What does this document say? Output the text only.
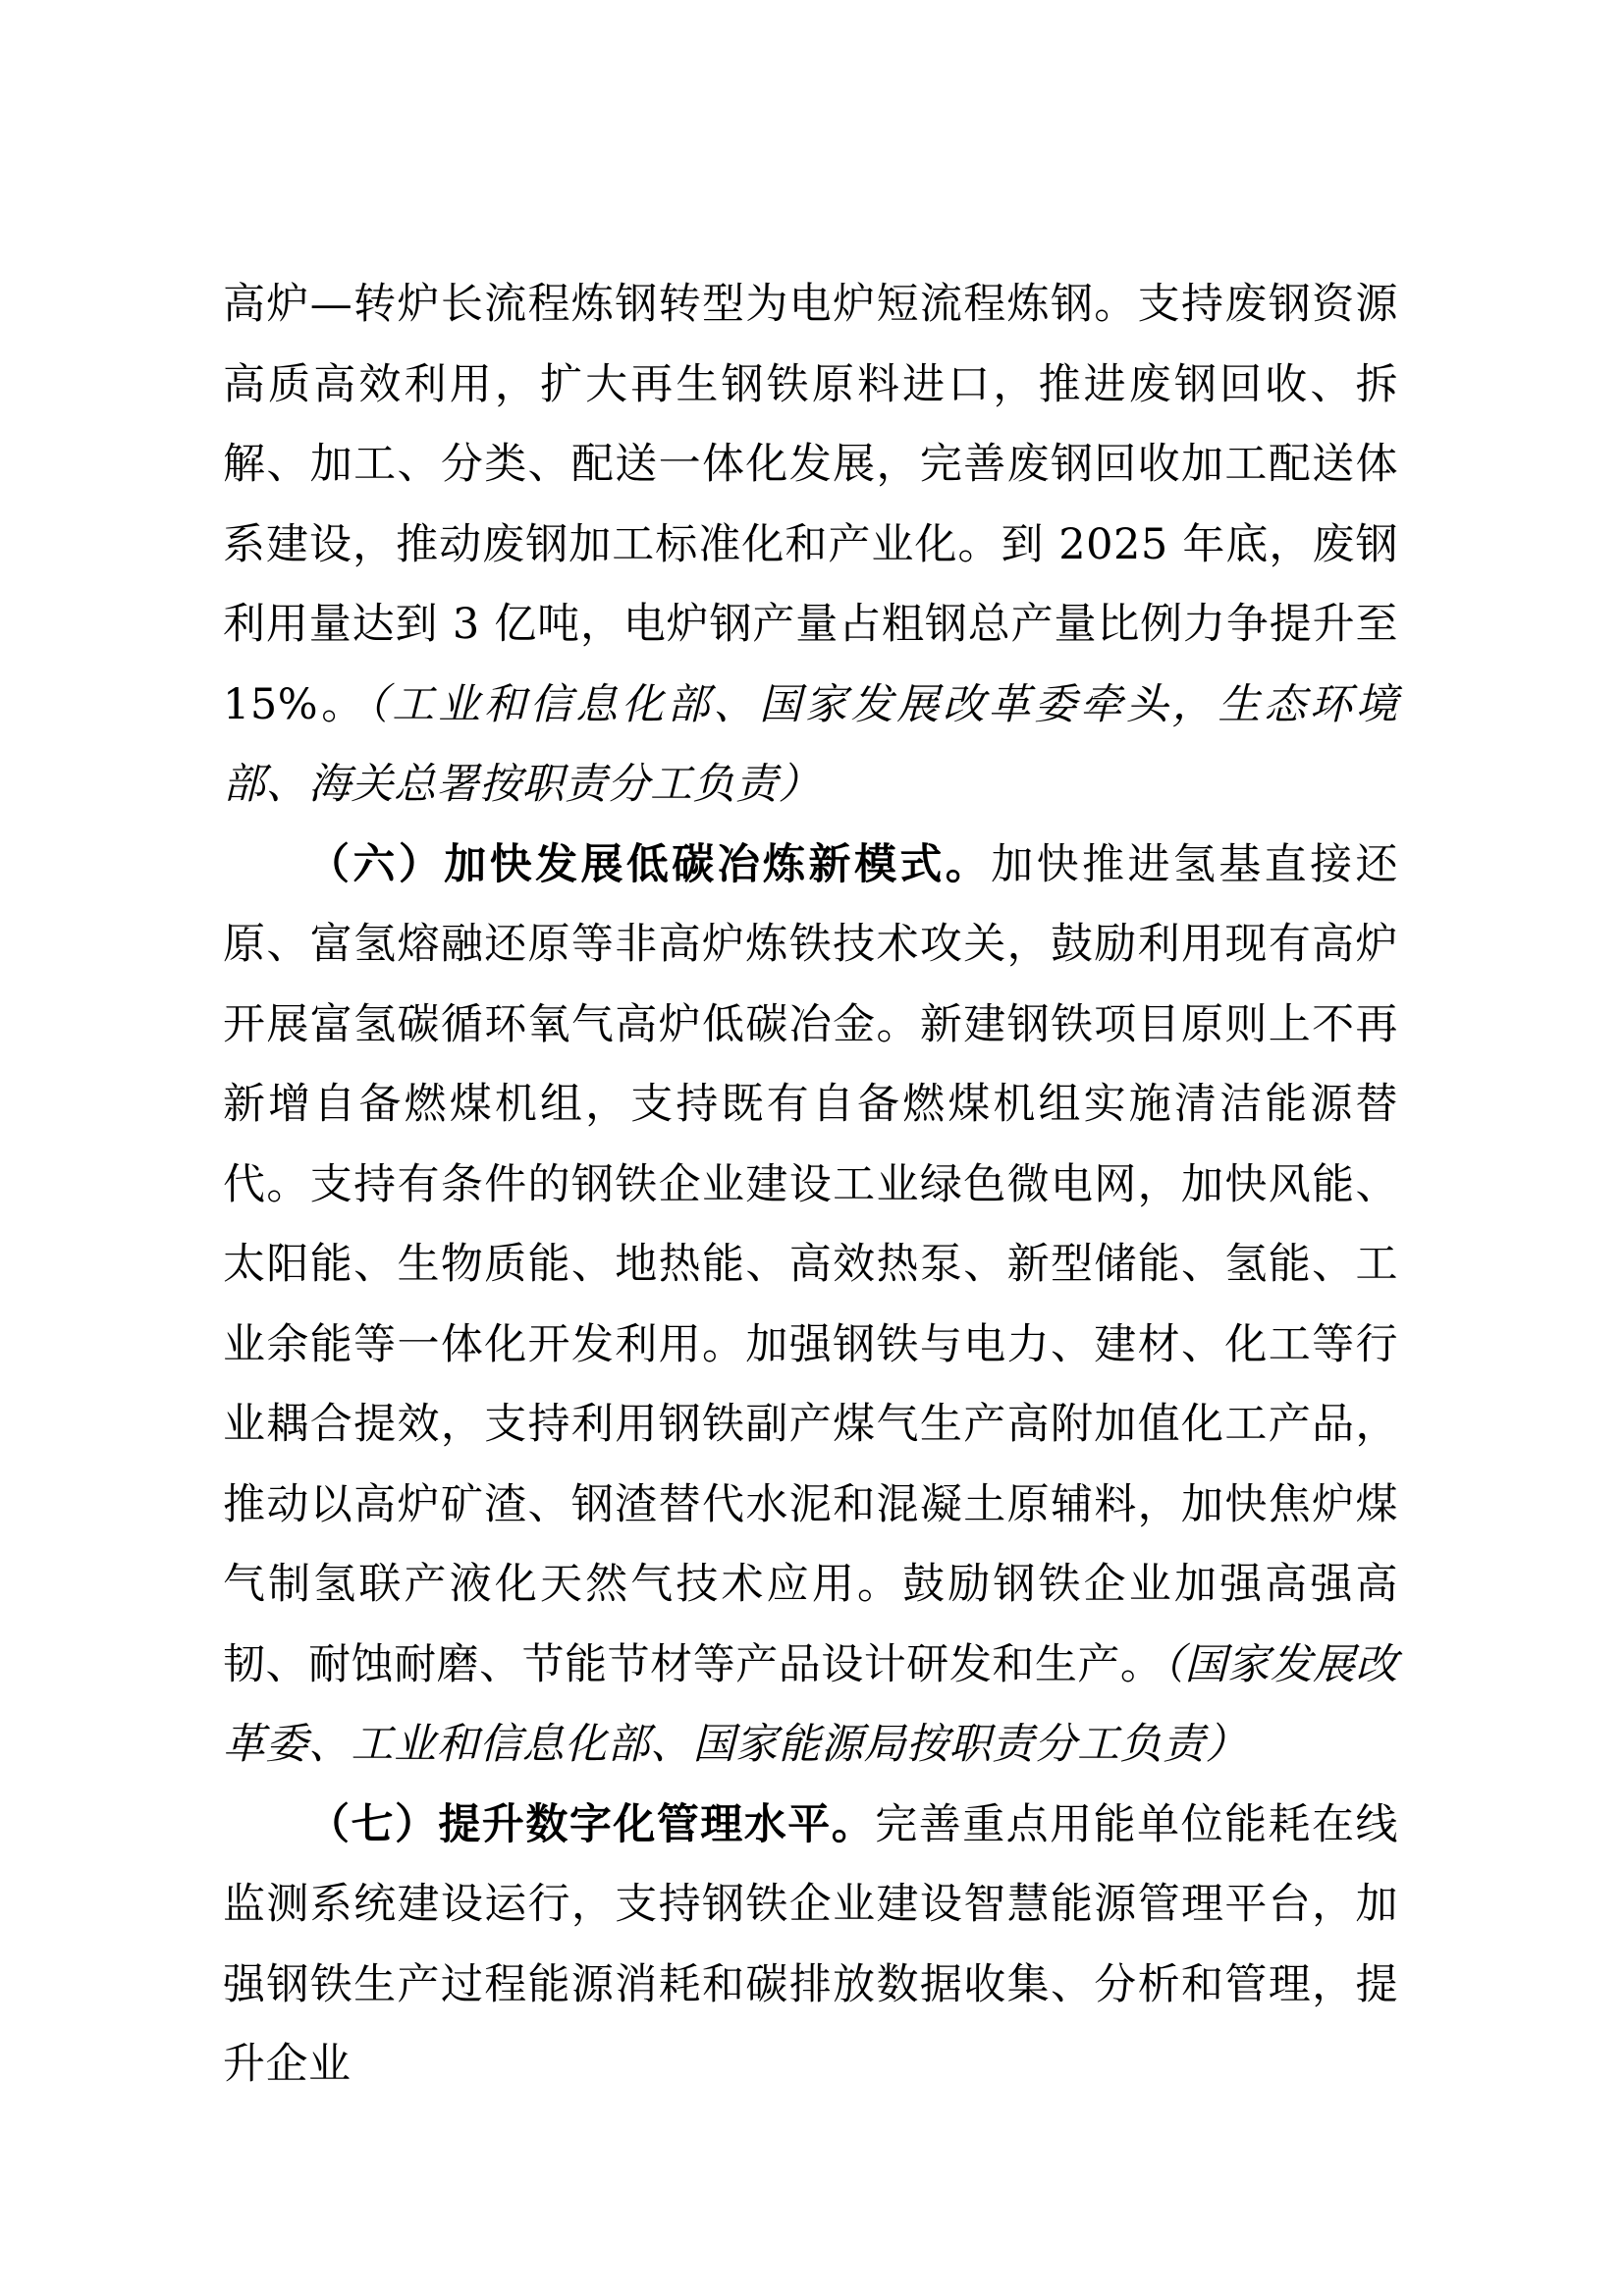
高炉—转炉长流程炼钢转型为电炉短流程炼钢。支持废钢资源高质高效利用，扩大再生钢铁原料进口，推进废钢回收、拆解、加工、分类、配送一体化发展，完善废钢回收加工配送体系建设，推动废钢加工标准化和产业化。到 2025 年底，废钢利用量达到 3 亿吨，电炉钢产量占粗钢总产量比例力争提升至 15%。（工业和信息化部、国家发展改革委牵头，生态环境部、海关总署按职责分工负责）

（六）加快发展低碳冶炼新模式。加快推进氢基直接还原、富氢熔融还原等非高炉炼铁技术攻关，鼓励利用现有高炉开展富氢碳循环氧气高炉低碳冶金。新建钢铁项目原则上不再新增自备燃煤机组，支持既有自备燃煤机组实施清洁能源替代。支持有条件的钢铁企业建设工业绿色微电网，加快风能、太阳能、生物质能、地热能、高效热泵、新型储能、氢能、工业余能等一体化开发利用。加强钢铁与电力、建材、化工等行业耦合提效，支持利用钢铁副产煤气生产高附加值化工产品，推动以高炉矿渣、钢渣替代水泥和混凝土原辅料，加快焦炉煤气制氢联产液化天然气技术应用。鼓励钢铁企业加强高强高韧、耐蚀耐磨、节能节材等产品设计研发和生产。（国家发展改革委、工业和信息化部、国家能源局按职责分工负责）

（七）提升数字化管理水平。完善重点用能单位能耗在线监测系统建设运行，支持钢铁企业建设智慧能源管理平台，加强钢铁生产过程能源消耗和碳排放数据收集、分析和管理，提升企业
